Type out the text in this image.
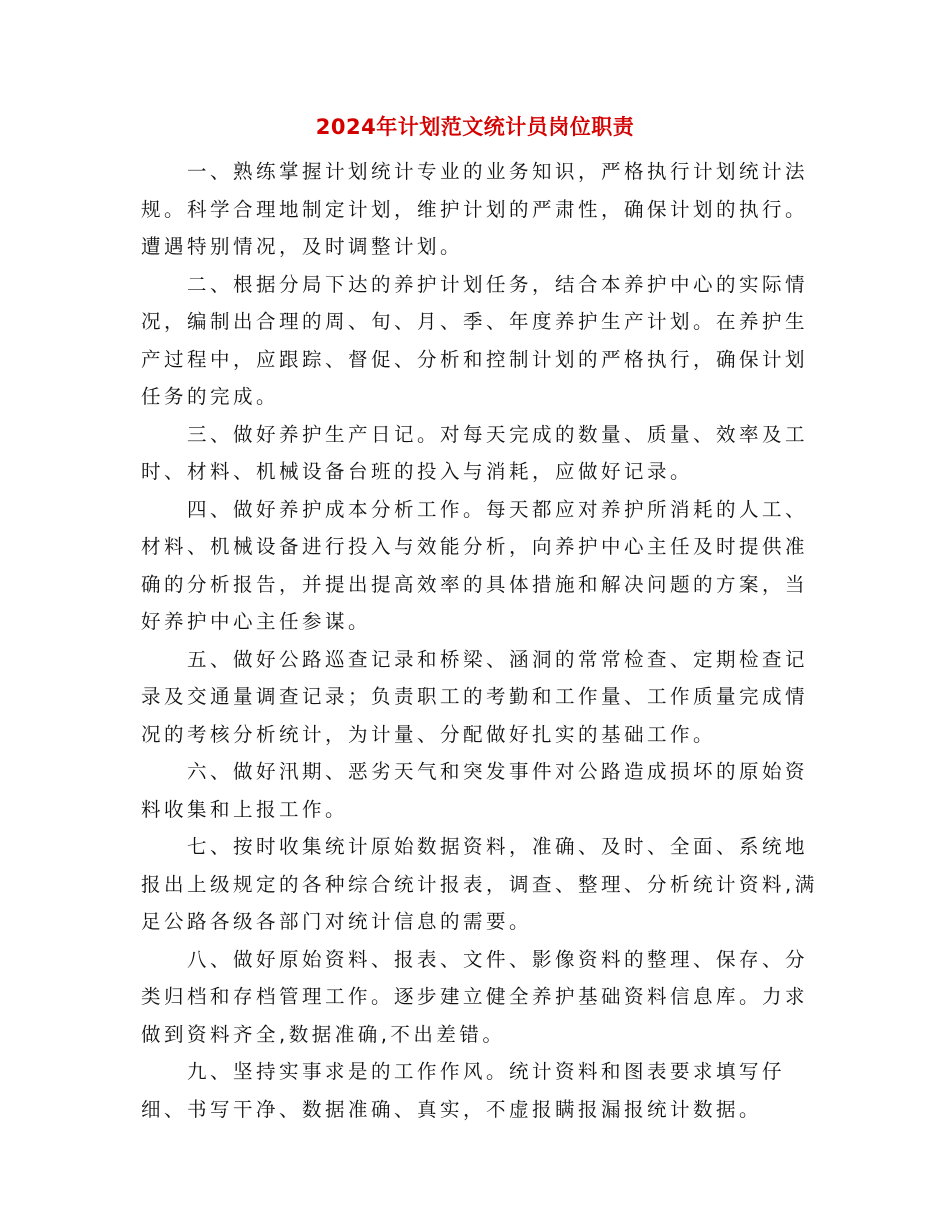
2024年计划范文统计员岗位职责

一、熟练掌握计划统计专业的业务知识，严格执行计划统计法规。科学合理地制定计划，维护计划的严肃性，确保计划的执行。遭遇特别情况，及时调整计划。

二、根据分局下达的养护计划任务，结合本养护中心的实际情况，编制出合理的周、旬、月、季、年度养护生产计划。在养护生产过程中，应跟踪、督促、分析和控制计划的严格执行，确保计划任务的完成。

三、做好养护生产日记。对每天完成的数量、质量、效率及工时、材料、机械设备台班的投入与消耗，应做好记录。

四、做好养护成本分析工作。每天都应对养护所消耗的人工、材料、机械设备进行投入与效能分析，向养护中心主任及时提供准确的分析报告，并提出提高效率的具体措施和解决问题的方案，当好养护中心主任参谋。

五、做好公路巡查记录和桥梁、涵洞的常常检查、定期检查记录及交通量调查记录；负责职工的考勤和工作量、工作质量完成情况的考核分析统计，为计量、分配做好扎实的基础工作。

六、做好汛期、恶劣天气和突发事件对公路造成损坏的原始资料收集和上报工作。

七、按时收集统计原始数据资料，准确、及时、全面、系统地报出上级规定的各种综合统计报表，调查、整理、分析统计资料,满足公路各级各部门对统计信息的需要。

八、做好原始资料、报表、文件、影像资料的整理、保存、分类归档和存档管理工作。逐步建立健全养护基础资料信息库。力求做到资料齐全,数据准确,不出差错。

九、坚持实事求是的工作作风。统计资料和图表要求填写仔细、书写干净、数据准确、真实，不虚报瞒报漏报统计数据。
